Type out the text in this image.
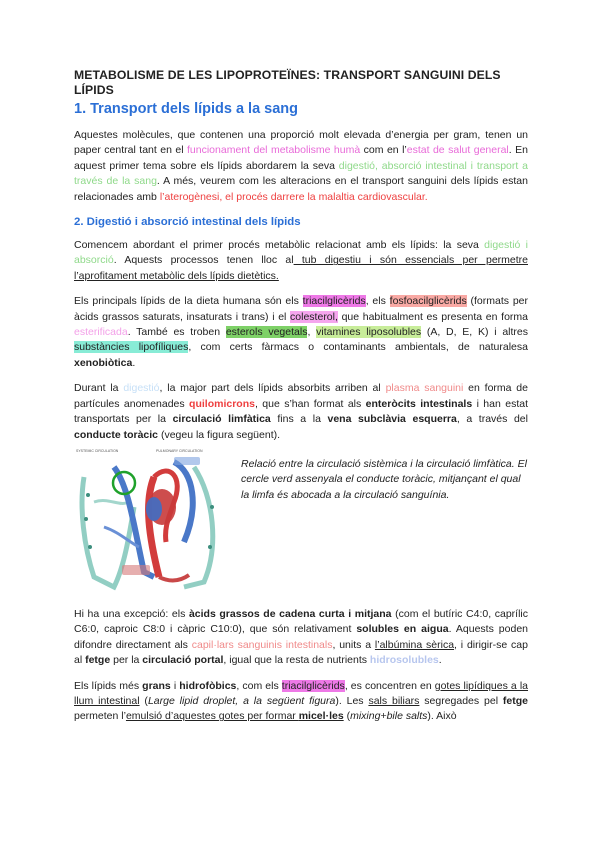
METABOLISME DE LES LIPOPROTEÏNES: TRANSPORT SANGUINI DELS LÍPIDS
1. Transport dels lípids a la sang

Aquestes molècules, que contenen una proporció molt elevada d’energia per gram, tenen un paper central tant en el funcionament del metabolisme humà com en l’estat de salut general. En aquest primer tema sobre els lípids abordarem la seva digestió, absorció intestinal i transport a través de la sang. A més, veurem com les alteracions en el transport sanguini dels lípids estan relacionades amb l’aterogènesi, el procés darrere la malaltia cardiovascular.

2. Digestió i absorció intestinal dels lípids

Comencem abordant el primer procés metabòlic relacionat amb els lípids: la seva digestió i absorció. Aquests processos tenen lloc al tub digestiu i són essencials per permetre l’aprofitament metabòlic dels lípids dietètics.

Els principals lípids de la dieta humana són els triacilglicèrids, els fosfoacilglicèrids (formats per àcids grassos saturats, insaturats i trans) i el colesterol, que habitualment es presenta en forma esterificada. També es troben esterols vegetals, vitamines liposolubles (A, D, E, K) i altres substàncies lipofíliques, com certs fàrmacs o contaminants ambientals, de naturalesa xenobiòtica.

Durant la digestió, la major part dels lípids absorbits arriben al plasma sanguini en forma de partícules anomenades quilomicrons, que s’han format als enteròcits intestinals i han estat transportats per la circulació limfàtica fins a la vena subclàvia esquerra, a través del conducte toràcic (vegeu la figura següent).

SYSTEMIC CIRCULATION	PULMONARY CIRCULATION
Relació entre la circulació sistèmica i la circulació limfàtica. El cercle verd assenyala el conducte toràcic, mitjançant el qual la limfa és abocada a la circulació sanguínia.

Hi ha una excepció: els àcids grassos de cadena curta i mitjana (com el butíric C4:0, caprílic C6:0, caproic C8:0 i càpric C10:0), que són relativament solubles en aigua. Aquests poden difondre directament als capil·lars sanguinis intestinals, units a l’albúmina sèrica, i dirigir-se cap al fetge per la circulació portal, igual que la resta de nutrients hidrosolubles.

Els lípids més grans i hidrofòbics, com els triacilglicèrids, es concentren en gotes lipídiques a la llum intestinal (Large lipid droplet, a la següent figura). Les sals biliars segregades pel fetge permeten l’emulsió d’aquestes gotes per formar micel·les (mixing+bile salts). Això
